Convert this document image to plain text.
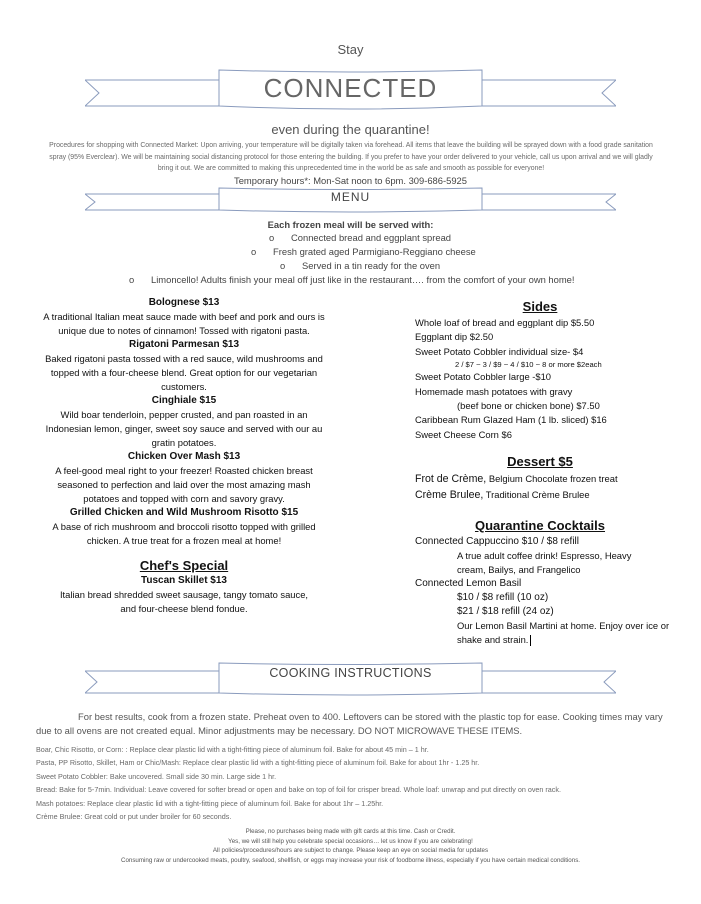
Stay
CONNECTED
even during the quarantine!
Procedures for shopping with Connected Market: Upon arriving, your temperature will be digitally taken via forehead. All items that leave the building will be sprayed down with a food grade sanitation spray (95% Everclear). We will be maintaining social distancing protocol for those entering the building. If you prefer to have your order delivered to your vehicle, call us upon arrival and we will gladly bring it out. We are committed to making this unprecedented time in the world be as safe and smooth as possible for everyone!
Temporary hours*: Mon-Sat noon to 6pm. 309-686-5925
MENU
Each frozen meal will be served with:
o Connected bread and eggplant spread
o Fresh grated aged Parmigiano-Reggiano cheese
o Served in a tin ready for the oven
o Limoncello! Adults finish your meal off just like in the restaurant…. from the comfort of your own home!
Bolognese $13
A traditional Italian meat sauce made with beef and pork and ours is unique due to notes of cinnamon! Tossed with rigatoni pasta.
Rigatoni Parmesan $13
Baked rigatoni pasta tossed with a red sauce, wild mushrooms and topped with a four-cheese blend. Great option for our vegetarian customers.
Cinghiale $15
Wild boar tenderloin, pepper crusted, and pan roasted in an Indonesian lemon, ginger, sweet soy sauce and served with our au gratin potatoes.
Chicken Over Mash $13
A feel-good meal right to your freezer! Roasted chicken breast seasoned to perfection and laid over the most amazing mash potatoes and topped with corn and savory gravy.
Grilled Chicken and Wild Mushroom Risotto $15
A base of rich mushroom and broccoli risotto topped with grilled chicken. A true treat for a frozen meal at home!
Chef's Special
Tuscan Skillet $13
Italian bread shredded sweet sausage, tangy tomato sauce, and four-cheese blend fondue.
Sides
Whole loaf of bread and eggplant dip $5.50
Eggplant dip $2.50
Sweet Potato Cobbler individual size- $4
2 / $7 ~ 3 / $9 ~ 4 / $10 ~ 8 or more $2each
Sweet Potato Cobbler large -$10
Homemade mash potatoes with gravy
(beef bone or chicken bone) $7.50
Caribbean Rum Glazed Ham (1 lb. sliced) $16
Sweet Cheese Corn $6
Dessert $5
Frot de Crème, Belgium Chocolate frozen treat
Crème Brulee, Traditional Crème Brulee
Quarantine Cocktails
Connected Cappuccino $10 / $8 refill
A true adult coffee drink! Espresso, Heavy cream, Bailys, and Frangelico
Connected Lemon Basil
$10 / $8 refill (10 oz)
$21 / $18 refill (24 oz)
Our Lemon Basil Martini at home. Enjoy over ice or shake and strain.
COOKING INSTRUCTIONS
For best results, cook from a frozen state. Preheat oven to 400. Leftovers can be stored with the plastic top for ease. Cooking times may vary due to all ovens are not created equal. Minor adjustments may be necessary. DO NOT MICROWAVE THESE ITEMS.
Boar, Chic Risotto, or Corn: : Replace clear plastic lid with a tight-fitting piece of aluminum foil. Bake for about 45 min – 1 hr.
Pasta, PP Risotto, Skillet, Ham or Chic/Mash: Replace clear plastic lid with a tight-fitting piece of aluminum foil. Bake for about 1hr - 1.25 hr.
Sweet Potato Cobbler: Bake uncovered. Small side 30 min. Large side 1 hr.
Bread: Bake for 5-7min. Individual: Leave covered for softer bread or open and bake on top of foil for crisper bread. Whole loaf: unwrap and put directly on oven rack.
Mash potatoes: Replace clear plastic lid with a tight-fitting piece of aluminum foil. Bake for about 1hr – 1.25hr.
Crème Brulee: Great cold or put under broiler for 60 seconds.
Please, no purchases being made with gift cards at this time. Cash or Credit.
Yes, we will still help you celebrate special occasions… let us know if you are celebrating!
All policies/procedures/hours are subject to change. Please keep an eye on social media for updates
Consuming raw or undercooked meats, poultry, seafood, shellfish, or eggs may increase your risk of foodborne illness, especially if you have certain medical conditions.
